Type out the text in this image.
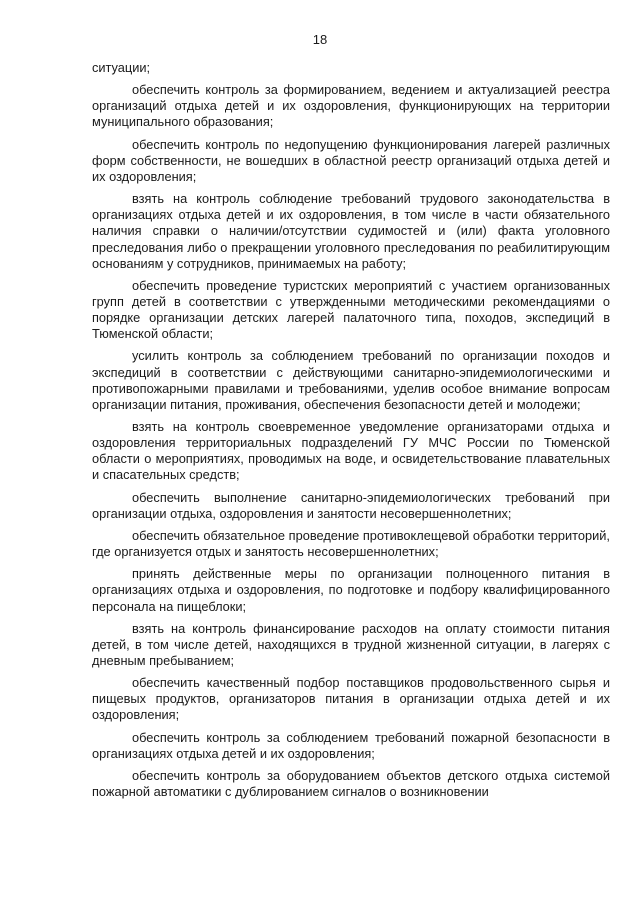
18

ситуации;

обеспечить контроль за формированием, ведением и актуализацией реестра организаций отдыха детей и их оздоровления, функционирующих на территории муниципального образования;

обеспечить контроль по недопущению функционирования лагерей различных форм собственности, не вошедших в областной реестр организаций отдыха детей и их оздоровления;

взять на контроль соблюдение требований трудового законодательства в организациях отдыха детей и их оздоровления, в том числе в части обязательного наличия справки о наличии/отсутствии судимостей и (или) факта уголовного преследования либо о прекращении уголовного преследования по реабилитирующим основаниям у сотрудников, принимаемых на работу;

обеспечить проведение туристских мероприятий с участием организованных групп детей в соответствии с утвержденными методическими рекомендациями о порядке организации детских лагерей палаточного типа, походов, экспедиций в Тюменской области;

усилить контроль за соблюдением требований по организации походов и экспедиций в соответствии с действующими санитарно-эпидемиологическими и противопожарными правилами и требованиями, уделив особое внимание вопросам организации питания, проживания, обеспечения безопасности детей и молодежи;

взять на контроль своевременное уведомление организаторами отдыха и оздоровления территориальных подразделений ГУ МЧС России по Тюменской области о мероприятиях, проводимых на воде, и освидетельствование плавательных и спасательных средств;

обеспечить выполнение санитарно-эпидемиологических требований при организации отдыха, оздоровления и занятости несовершеннолетних;

обеспечить обязательное проведение противоклещевой обработки территорий, где организуется отдых и занятость несовершеннолетних;

принять действенные меры по организации полноценного питания в организациях отдыха и оздоровления, по подготовке и подбору квалифицированного персонала на пищеблоки;

взять на контроль финансирование расходов на оплату стоимости питания детей, в том числе детей, находящихся в трудной жизненной ситуации, в лагерях с дневным пребыванием;

обеспечить качественный подбор поставщиков продовольственного сырья и пищевых продуктов, организаторов питания в организации отдыха детей и их оздоровления;

обеспечить контроль за соблюдением требований пожарной безопасности в организациях отдыха детей и их оздоровления;

обеспечить контроль за оборудованием объектов детского отдыха системой пожарной автоматики с дублированием сигналов о возникновении
